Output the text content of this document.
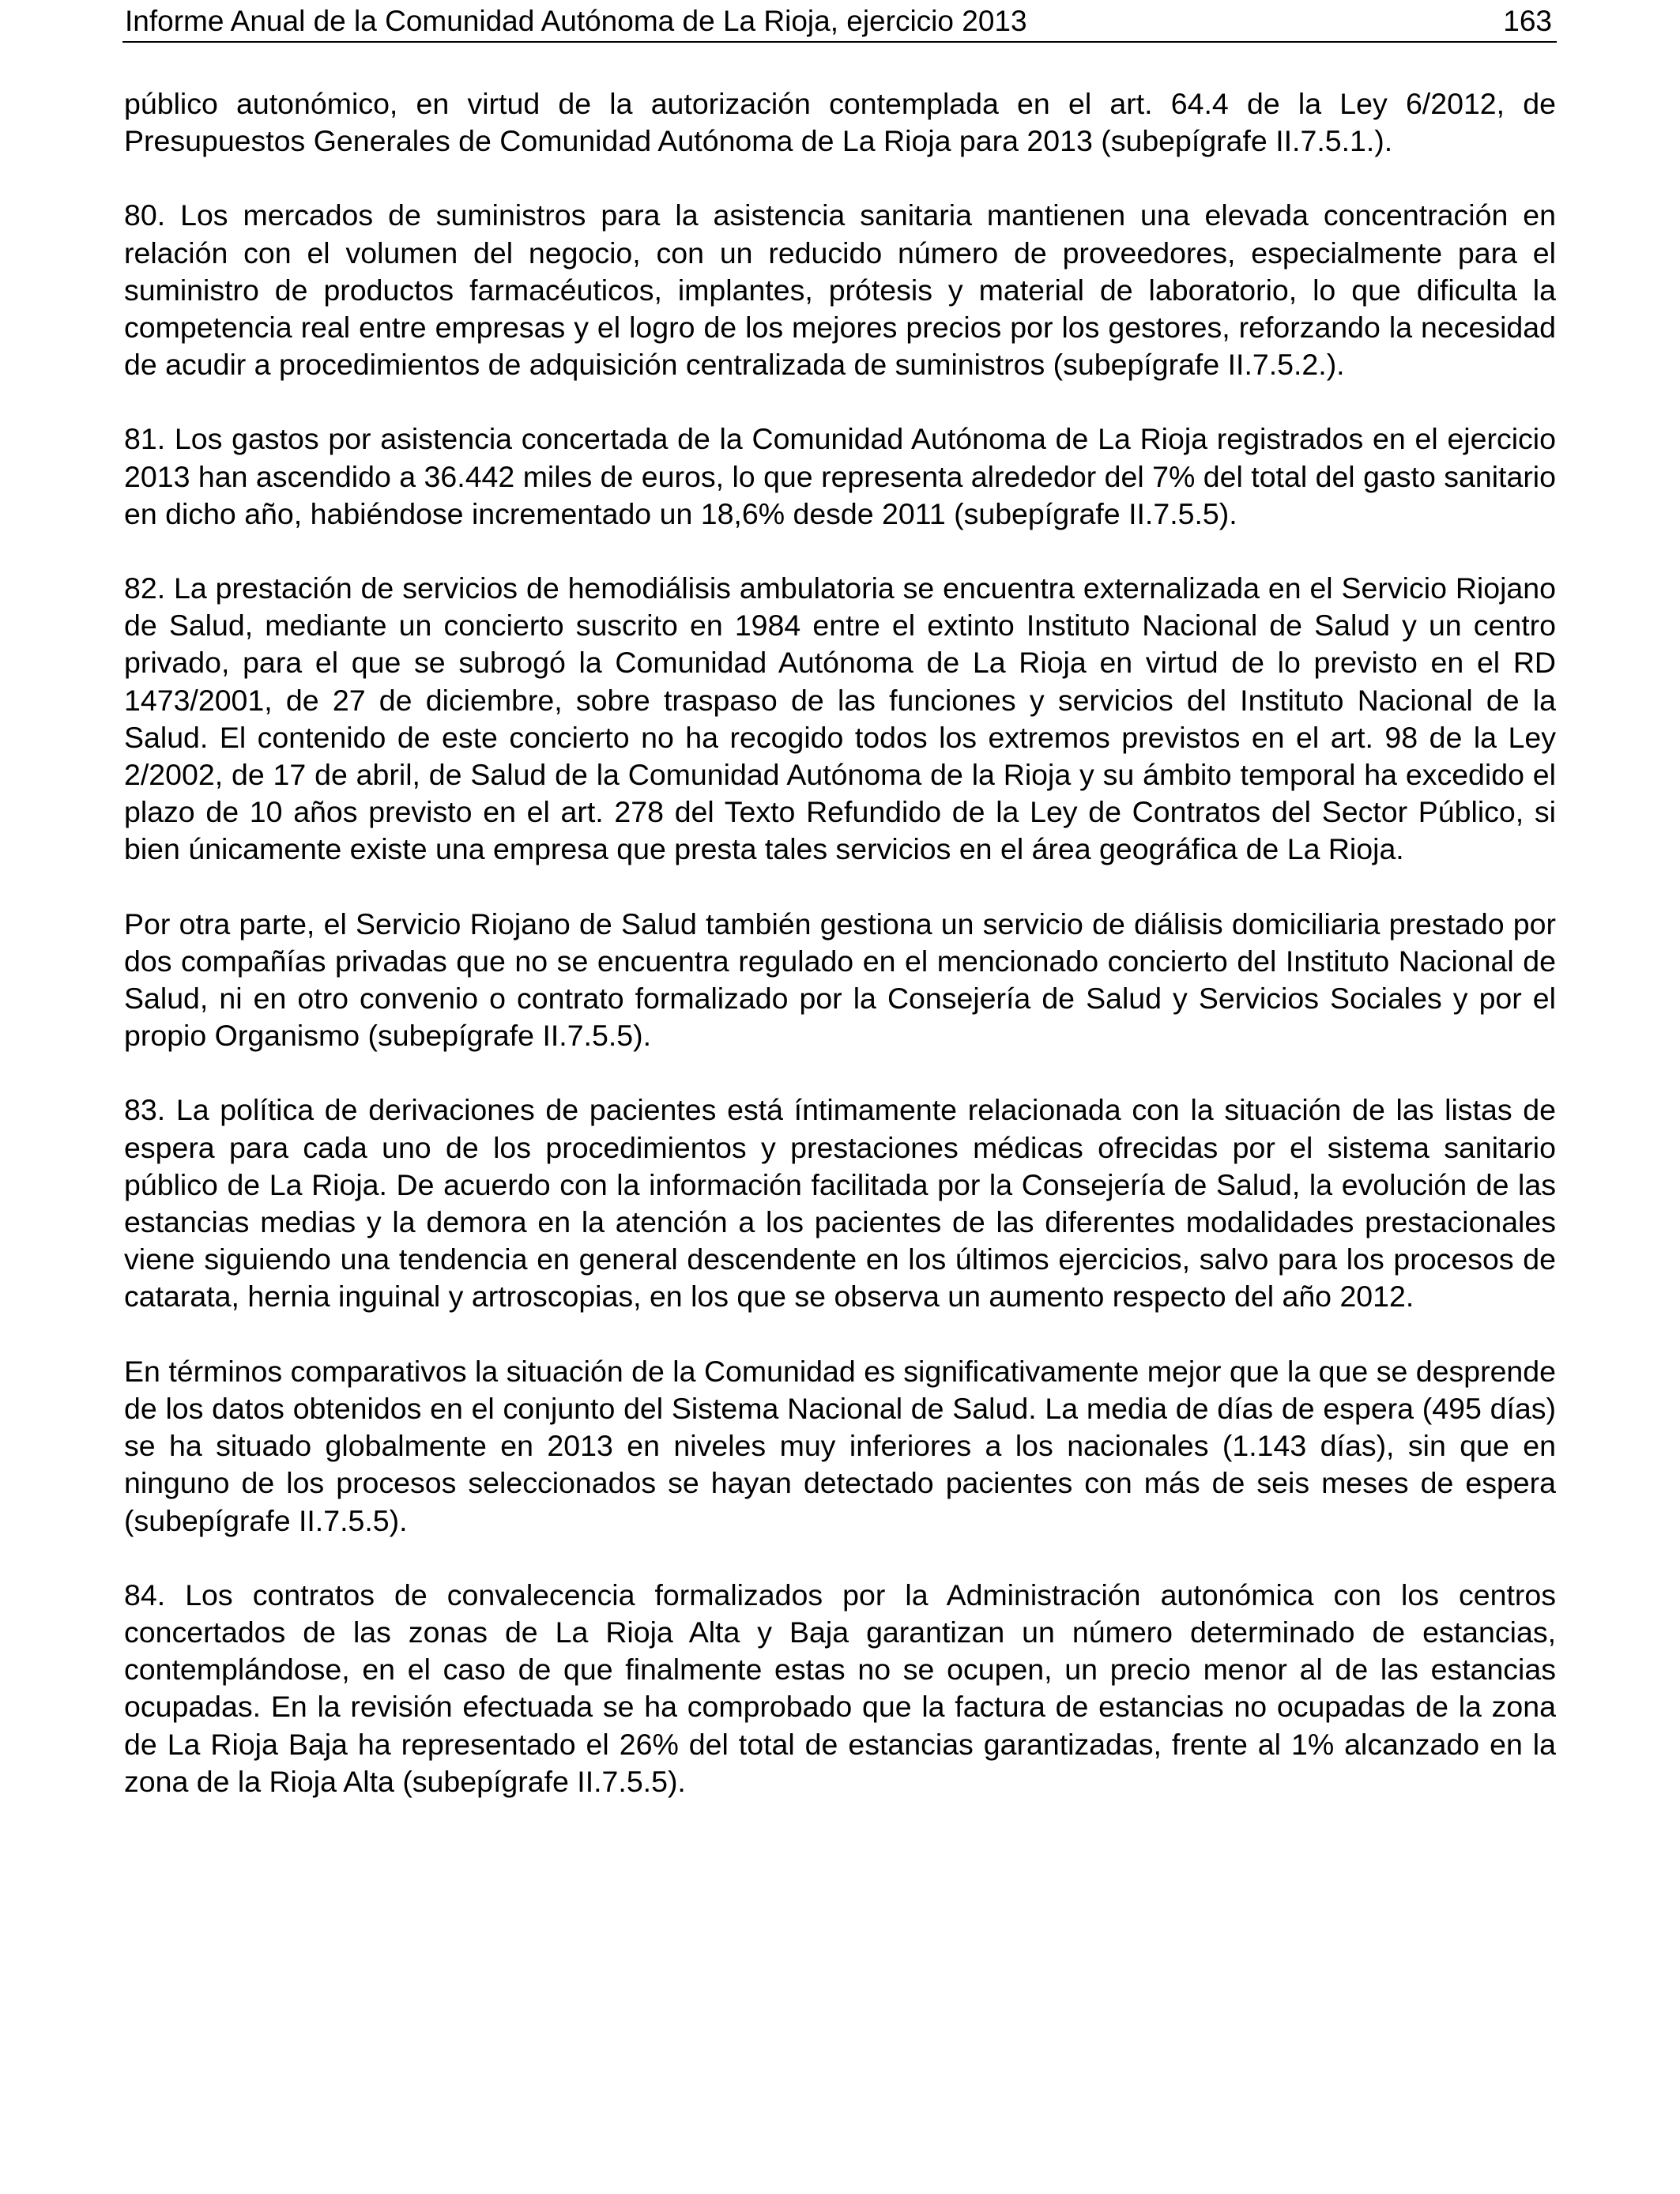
Informe Anual de la Comunidad Autónoma de La Rioja, ejercicio 2013	163

público autonómico, en virtud de la autorización contemplada en el art. 64.4 de la Ley 6/2012, de Presupuestos Generales de Comunidad Autónoma de La Rioja para 2013 (subepígrafe II.7.5.1.).

80. Los mercados de suministros para la asistencia sanitaria mantienen una elevada concentración en relación con el volumen del negocio, con un reducido número de proveedores, especialmente para el suministro de productos farmacéuticos, implantes, prótesis y material de laboratorio, lo que dificulta la competencia real entre empresas y el logro de los mejores precios por los gestores, reforzando la necesidad de acudir a procedimientos de adquisición centralizada de suministros (subepígrafe II.7.5.2.).

81. Los gastos por asistencia concertada de la Comunidad Autónoma de La Rioja registrados en el ejercicio 2013 han ascendido a 36.442 miles de euros, lo que representa alrededor del 7% del total del gasto sanitario en dicho año, habiéndose incrementado un 18,6% desde 2011 (subepígrafe II.7.5.5).

82. La prestación de servicios de hemodiálisis ambulatoria se encuentra externalizada en el Servicio Riojano de Salud, mediante un concierto suscrito en 1984 entre el extinto Instituto Nacional de Salud y un centro privado, para el que se subrogó la Comunidad Autónoma de La Rioja en virtud de lo previsto en el RD 1473/2001, de 27 de diciembre, sobre traspaso de las funciones y servicios del Instituto Nacional de la Salud. El contenido de este concierto no ha recogido todos los extremos previstos en el art. 98 de la Ley 2/2002, de 17 de abril, de Salud de la Comunidad Autónoma de la Rioja y su ámbito temporal ha excedido el plazo de 10 años previsto en el art. 278 del Texto Refundido de la Ley de Contratos del Sector Público, si bien únicamente existe una empresa que presta tales servicios en el área geográfica de La Rioja.

Por otra parte, el Servicio Riojano de Salud también gestiona un servicio de diálisis domiciliaria prestado por dos compañías privadas que no se encuentra regulado en el mencionado concierto del Instituto Nacional de Salud, ni en otro convenio o contrato formalizado por la Consejería de Salud y Servicios Sociales y por el propio Organismo (subepígrafe II.7.5.5).

83. La política de derivaciones de pacientes está íntimamente relacionada con la situación de las listas de espera para cada uno de los procedimientos y prestaciones médicas ofrecidas por el sistema sanitario público de La Rioja. De acuerdo con la información facilitada por la Consejería de Salud, la evolución de las estancias medias y la demora en la atención a los pacientes de las diferentes modalidades prestacionales viene siguiendo una tendencia en general descendente en los últimos ejercicios, salvo para los procesos de catarata, hernia inguinal y artroscopias, en los que se observa un aumento respecto del año 2012.

En términos comparativos la situación de la Comunidad es significativamente mejor que la que se desprende de los datos obtenidos en el conjunto del Sistema Nacional de Salud. La media de días de espera (495 días) se ha situado globalmente en 2013 en niveles muy inferiores a los nacionales (1.143 días), sin que en ninguno de los procesos seleccionados se hayan detectado pacientes con más de seis meses de espera (subepígrafe II.7.5.5).

84. Los contratos de convalecencia formalizados por la Administración autonómica con los centros concertados de las zonas de La Rioja Alta y Baja garantizan un número determinado de estancias, contemplándose, en el caso de que finalmente estas no se ocupen, un precio menor al de las estancias ocupadas. En la revisión efectuada se ha comprobado que la factura de estancias no ocupadas de la zona de La Rioja Baja ha representado el 26% del total de estancias garantizadas, frente al 1% alcanzado en la zona de la Rioja Alta (subepígrafe II.7.5.5).
